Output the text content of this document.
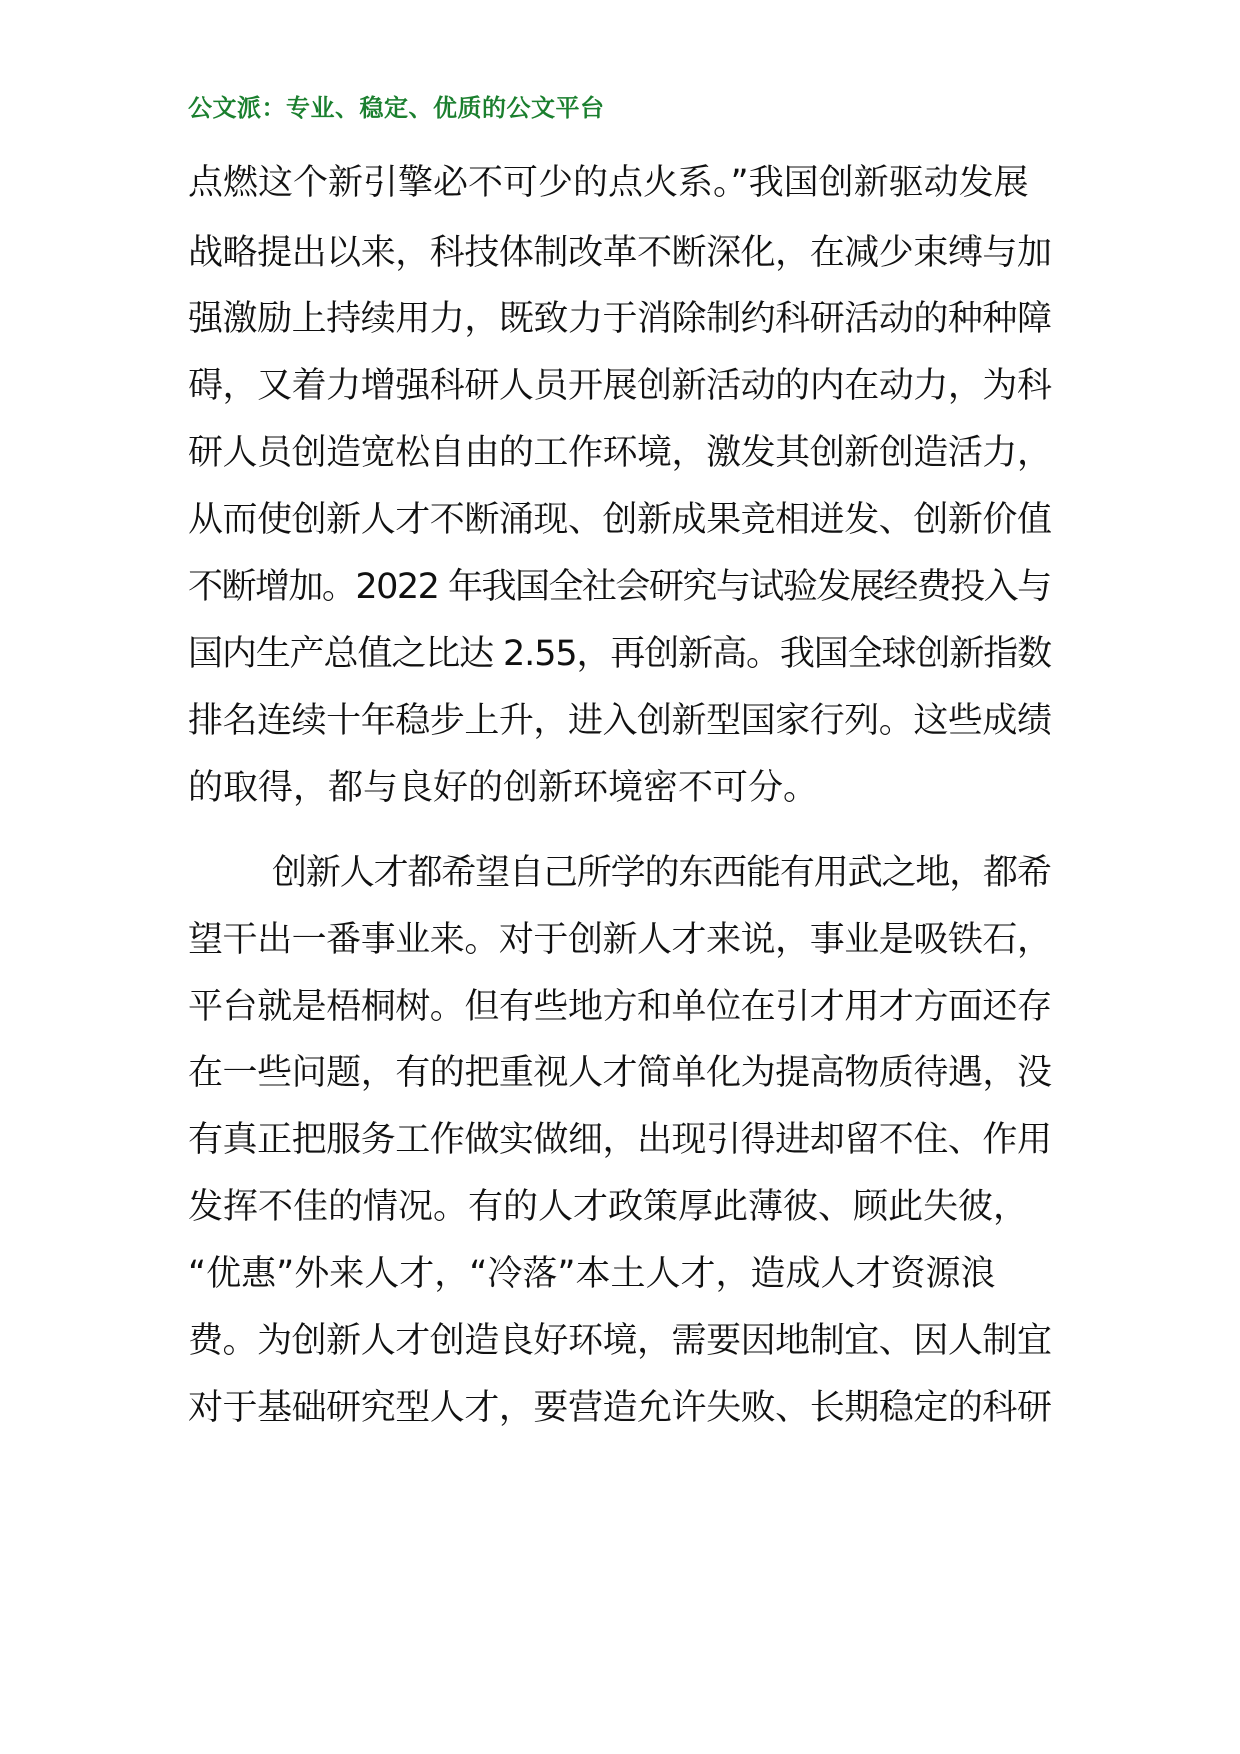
公文派：专业、稳定、优质的公文平台
点燃这个新引擎必不可少的点火系。”我国创新驱动发展
战略提出以来，科技体制改革不断深化，在减少束缚与加
强激励上持续用力，既致力于消除制约科研活动的种种障
碍，又着力增强科研人员开展创新活动的内在动力，为科
研人员创造宽松自由的工作环境，激发其创新创造活力，
从而使创新人才不断涌现、创新成果竞相迸发、创新价值
不断增加。2022 年我国全社会研究与试验发展经费投入与
国内生产总值之比达 2.55，再创新高。我国全球创新指数
排名连续十年稳步上升，进入创新型国家行列。这些成绩
的取得，都与良好的创新环境密不可分。
创新人才都希望自己所学的东西能有用武之地，都希
望干出一番事业来。对于创新人才来说，事业是吸铁石，
平台就是梧桐树。但有些地方和单位在引才用才方面还存
在一些问题，有的把重视人才简单化为提高物质待遇，没
有真正把服务工作做实做细，出现引得进却留不住、作用
发挥不佳的情况。有的人才政策厚此薄彼、顾此失彼，
“优惠”外来人才，“冷落”本土人才，造成人才资源浪
费。为创新人才创造良好环境，需要因地制宜、因人制宜
对于基础研究型人才，要营造允许失败、长期稳定的科研
